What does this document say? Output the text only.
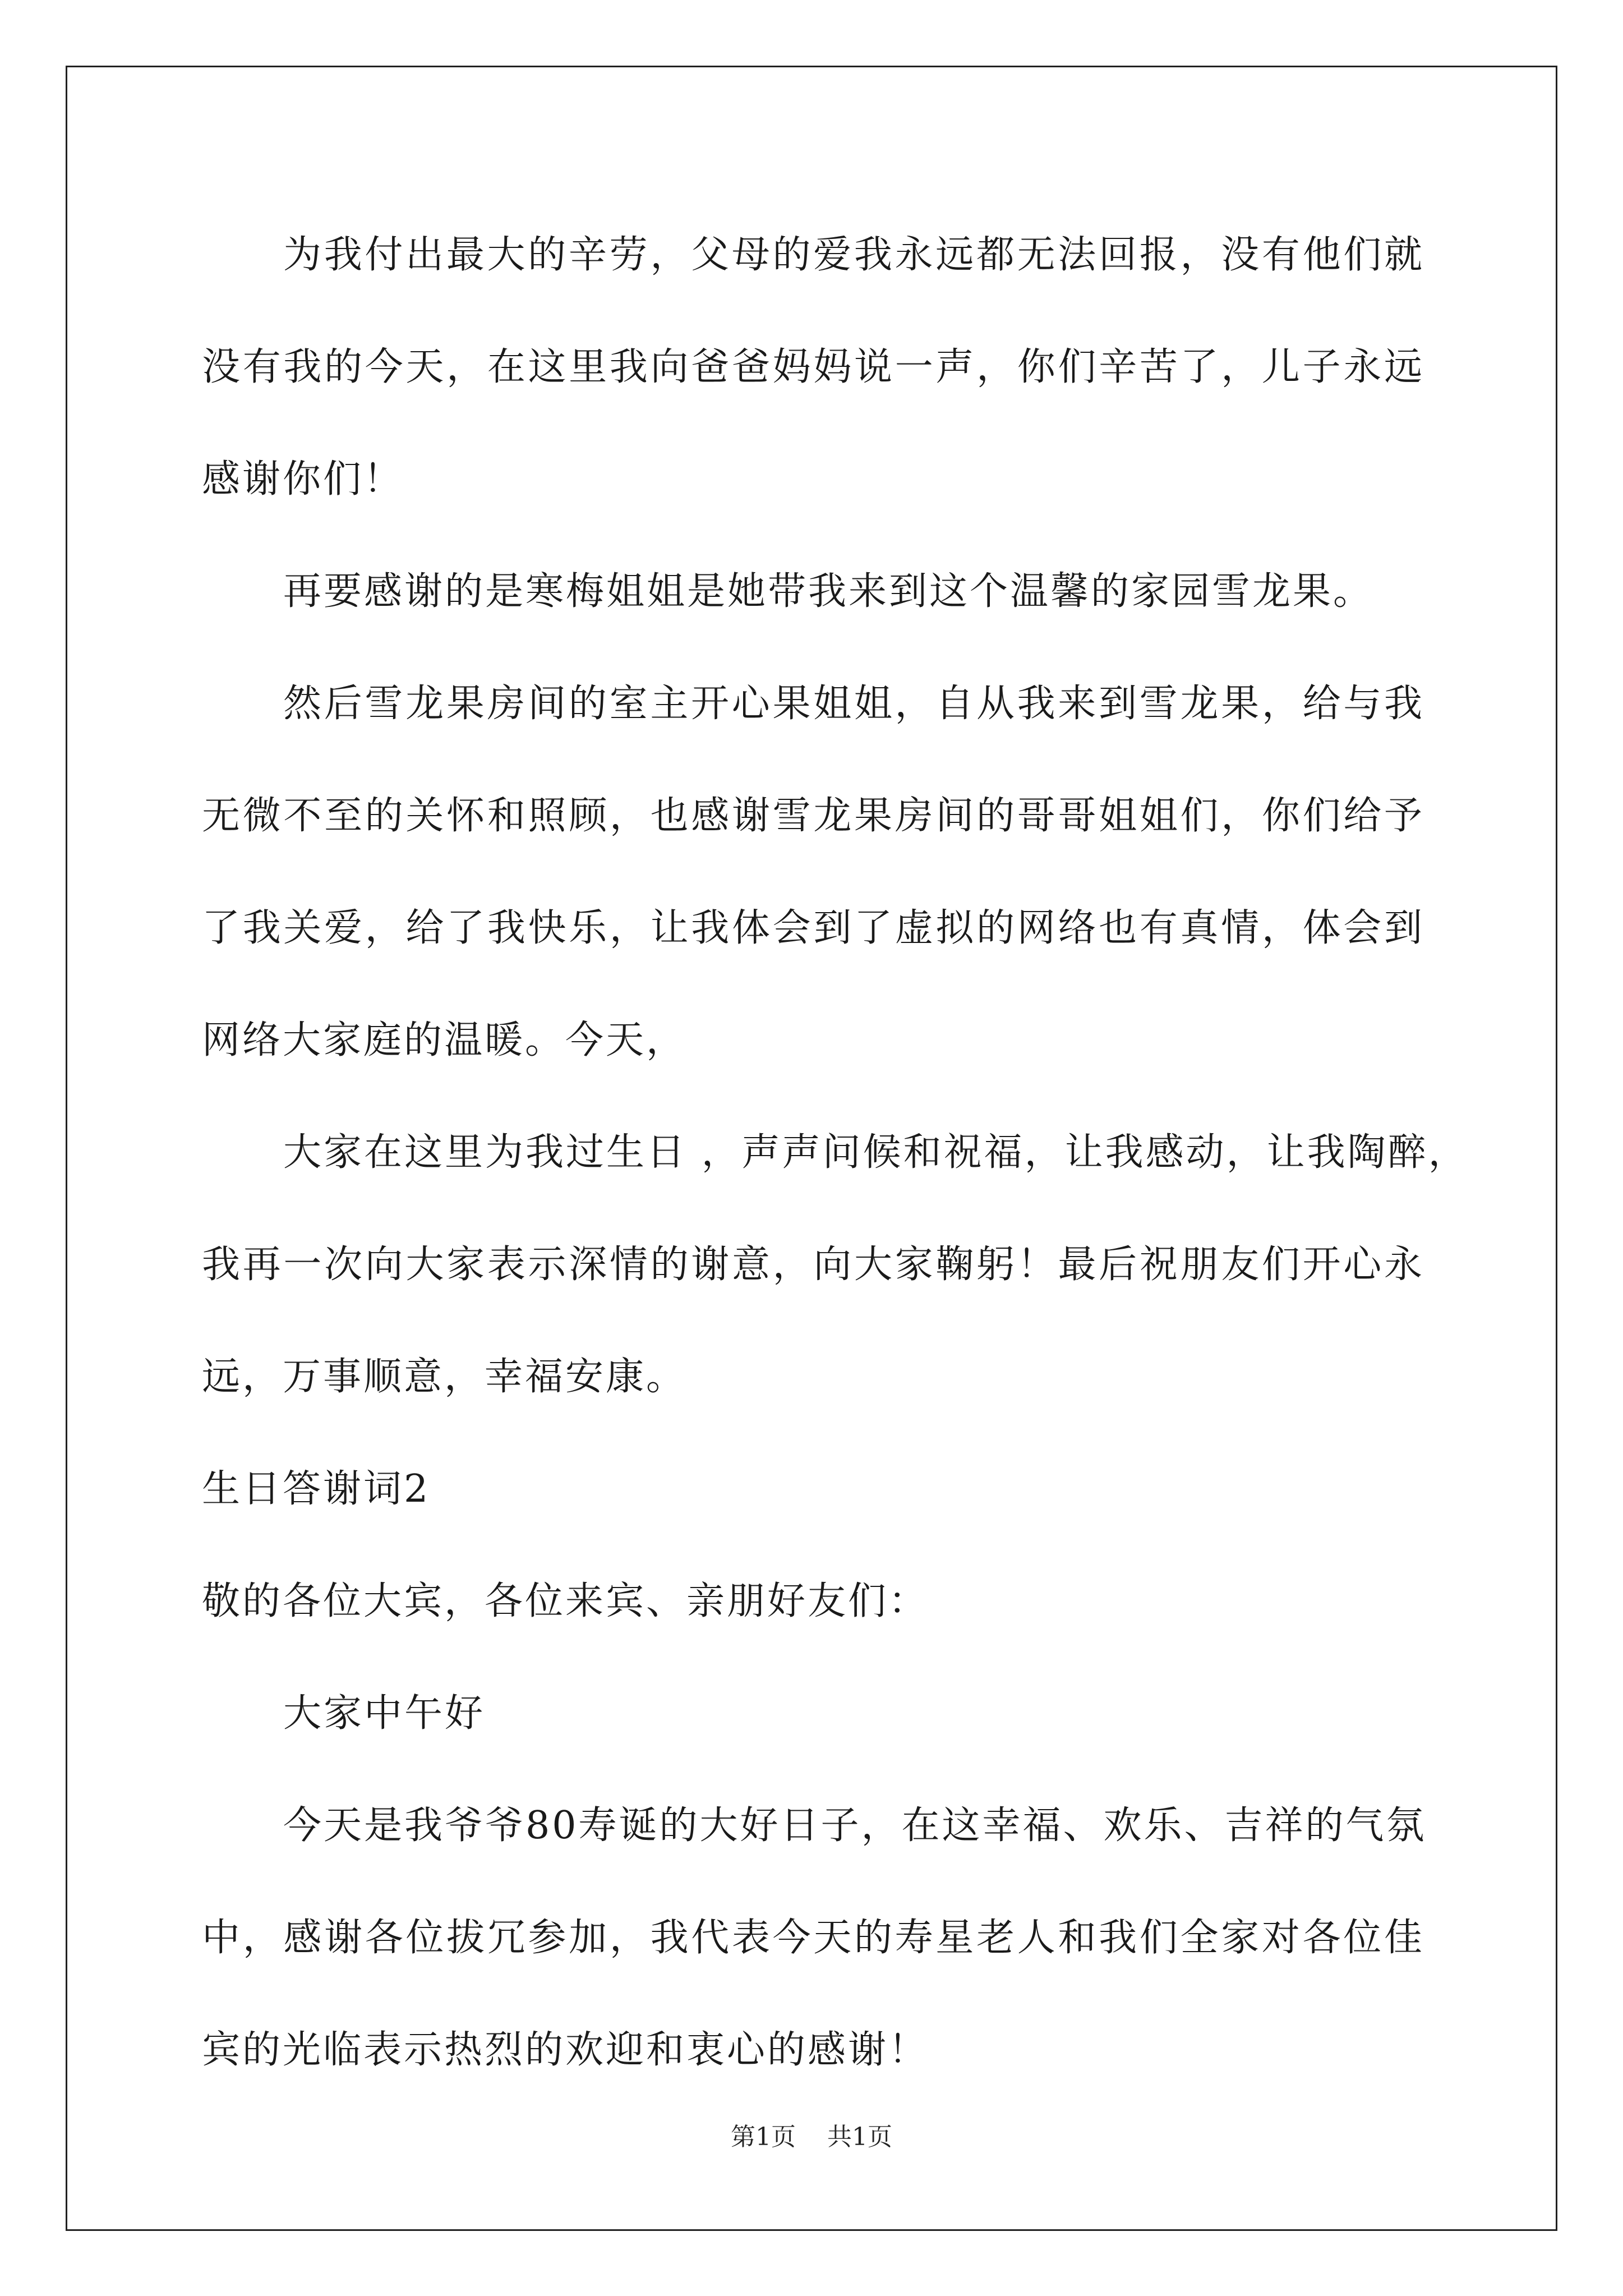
为我付出最大的辛劳，父母的爱我永远都无法回报，没有他们就
没有我的今天，在这里我向爸爸妈妈说一声，你们辛苦了，儿子永远
感谢你们！
再要感谢的是寒梅姐姐是她带我来到这个温馨的家园雪龙果。
然后雪龙果房间的室主开心果姐姐，自从我来到雪龙果，给与我
无微不至的关怀和照顾，也感谢雪龙果房间的哥哥姐姐们，你们给予
了我关爱，给了我快乐，让我体会到了虚拟的网络也有真情，体会到
网络大家庭的温暖。今天，
大家在这里为我过生日 ，声声问候和祝福，让我感动，让我陶醉，
我再一次向大家表示深情的谢意，向大家鞠躬！最后祝朋友们开心永
远，万事顺意，幸福安康。
生日答谢词2
敬的各位大宾，各位来宾、亲朋好友们：
大家中午好
今天是我爷爷80寿诞的大好日子，在这幸福、欢乐、吉祥的气氛
中，感谢各位拔冗参加，我代表今天的寿星老人和我们全家对各位佳
宾的光临表示热烈的欢迎和衷心的感谢！
第1页 共1页
